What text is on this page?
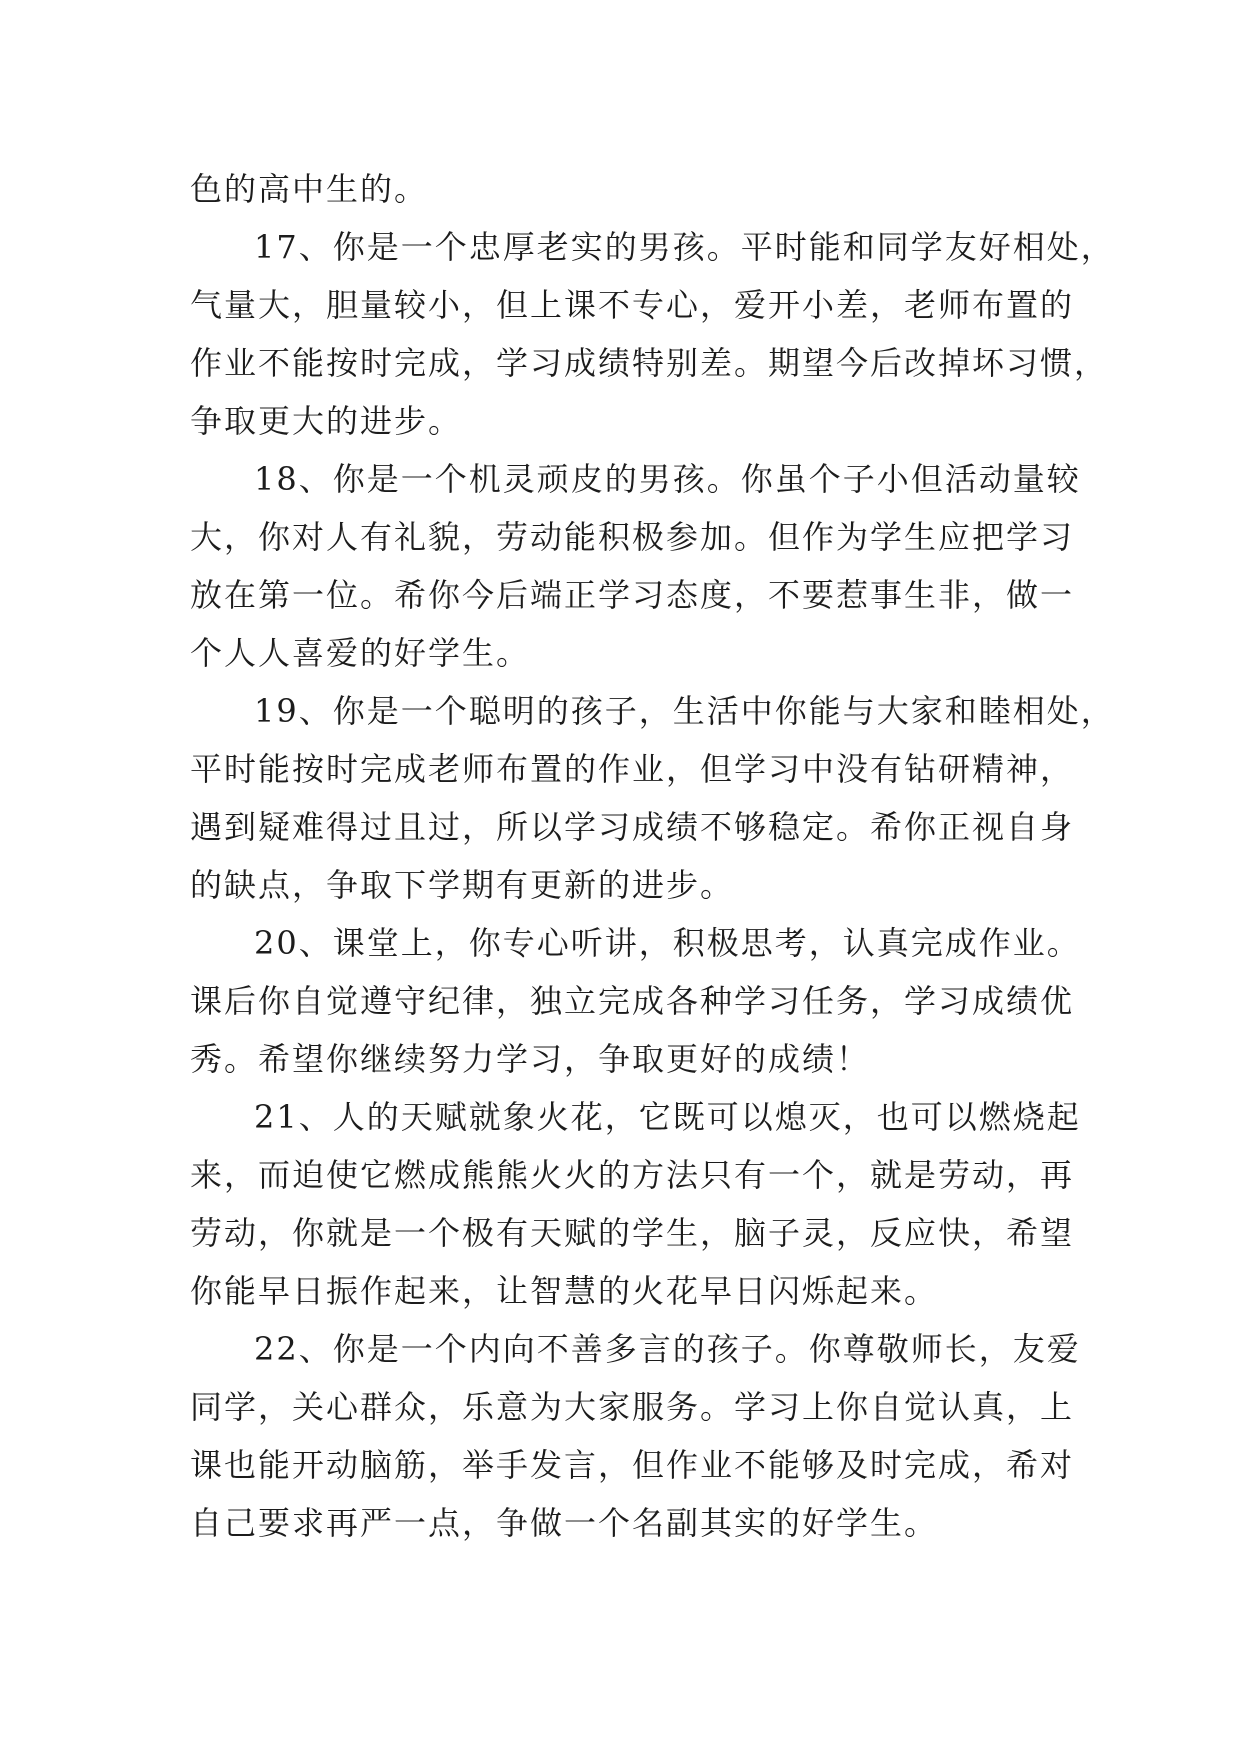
色的高中生的。
17、你是一个忠厚老实的男孩。平时能和同学友好相处，
气量大，胆量较小，但上课不专心，爱开小差，老师布置的
作业不能按时完成，学习成绩特别差。期望今后改掉坏习惯，
争取更大的进步。
18、你是一个机灵顽皮的男孩。你虽个子小但活动量较
大，你对人有礼貌，劳动能积极参加。但作为学生应把学习
放在第一位。希你今后端正学习态度，不要惹事生非，做一
个人人喜爱的好学生。
19、你是一个聪明的孩子，生活中你能与大家和睦相处，
平时能按时完成老师布置的作业，但学习中没有钻研精神，
遇到疑难得过且过，所以学习成绩不够稳定。希你正视自身
的缺点，争取下学期有更新的进步。
20、课堂上，你专心听讲，积极思考，认真完成作业。
课后你自觉遵守纪律，独立完成各种学习任务，学习成绩优
秀。希望你继续努力学习，争取更好的成绩！
21、人的天赋就象火花，它既可以熄灭，也可以燃烧起
来，而迫使它燃成熊熊火火的方法只有一个，就是劳动，再
劳动，你就是一个极有天赋的学生，脑子灵，反应快，希望
你能早日振作起来，让智慧的火花早日闪烁起来。
22、你是一个内向不善多言的孩子。你尊敬师长，友爱
同学，关心群众，乐意为大家服务。学习上你自觉认真，上
课也能开动脑筋，举手发言，但作业不能够及时完成，希对
自己要求再严一点，争做一个名副其实的好学生。
